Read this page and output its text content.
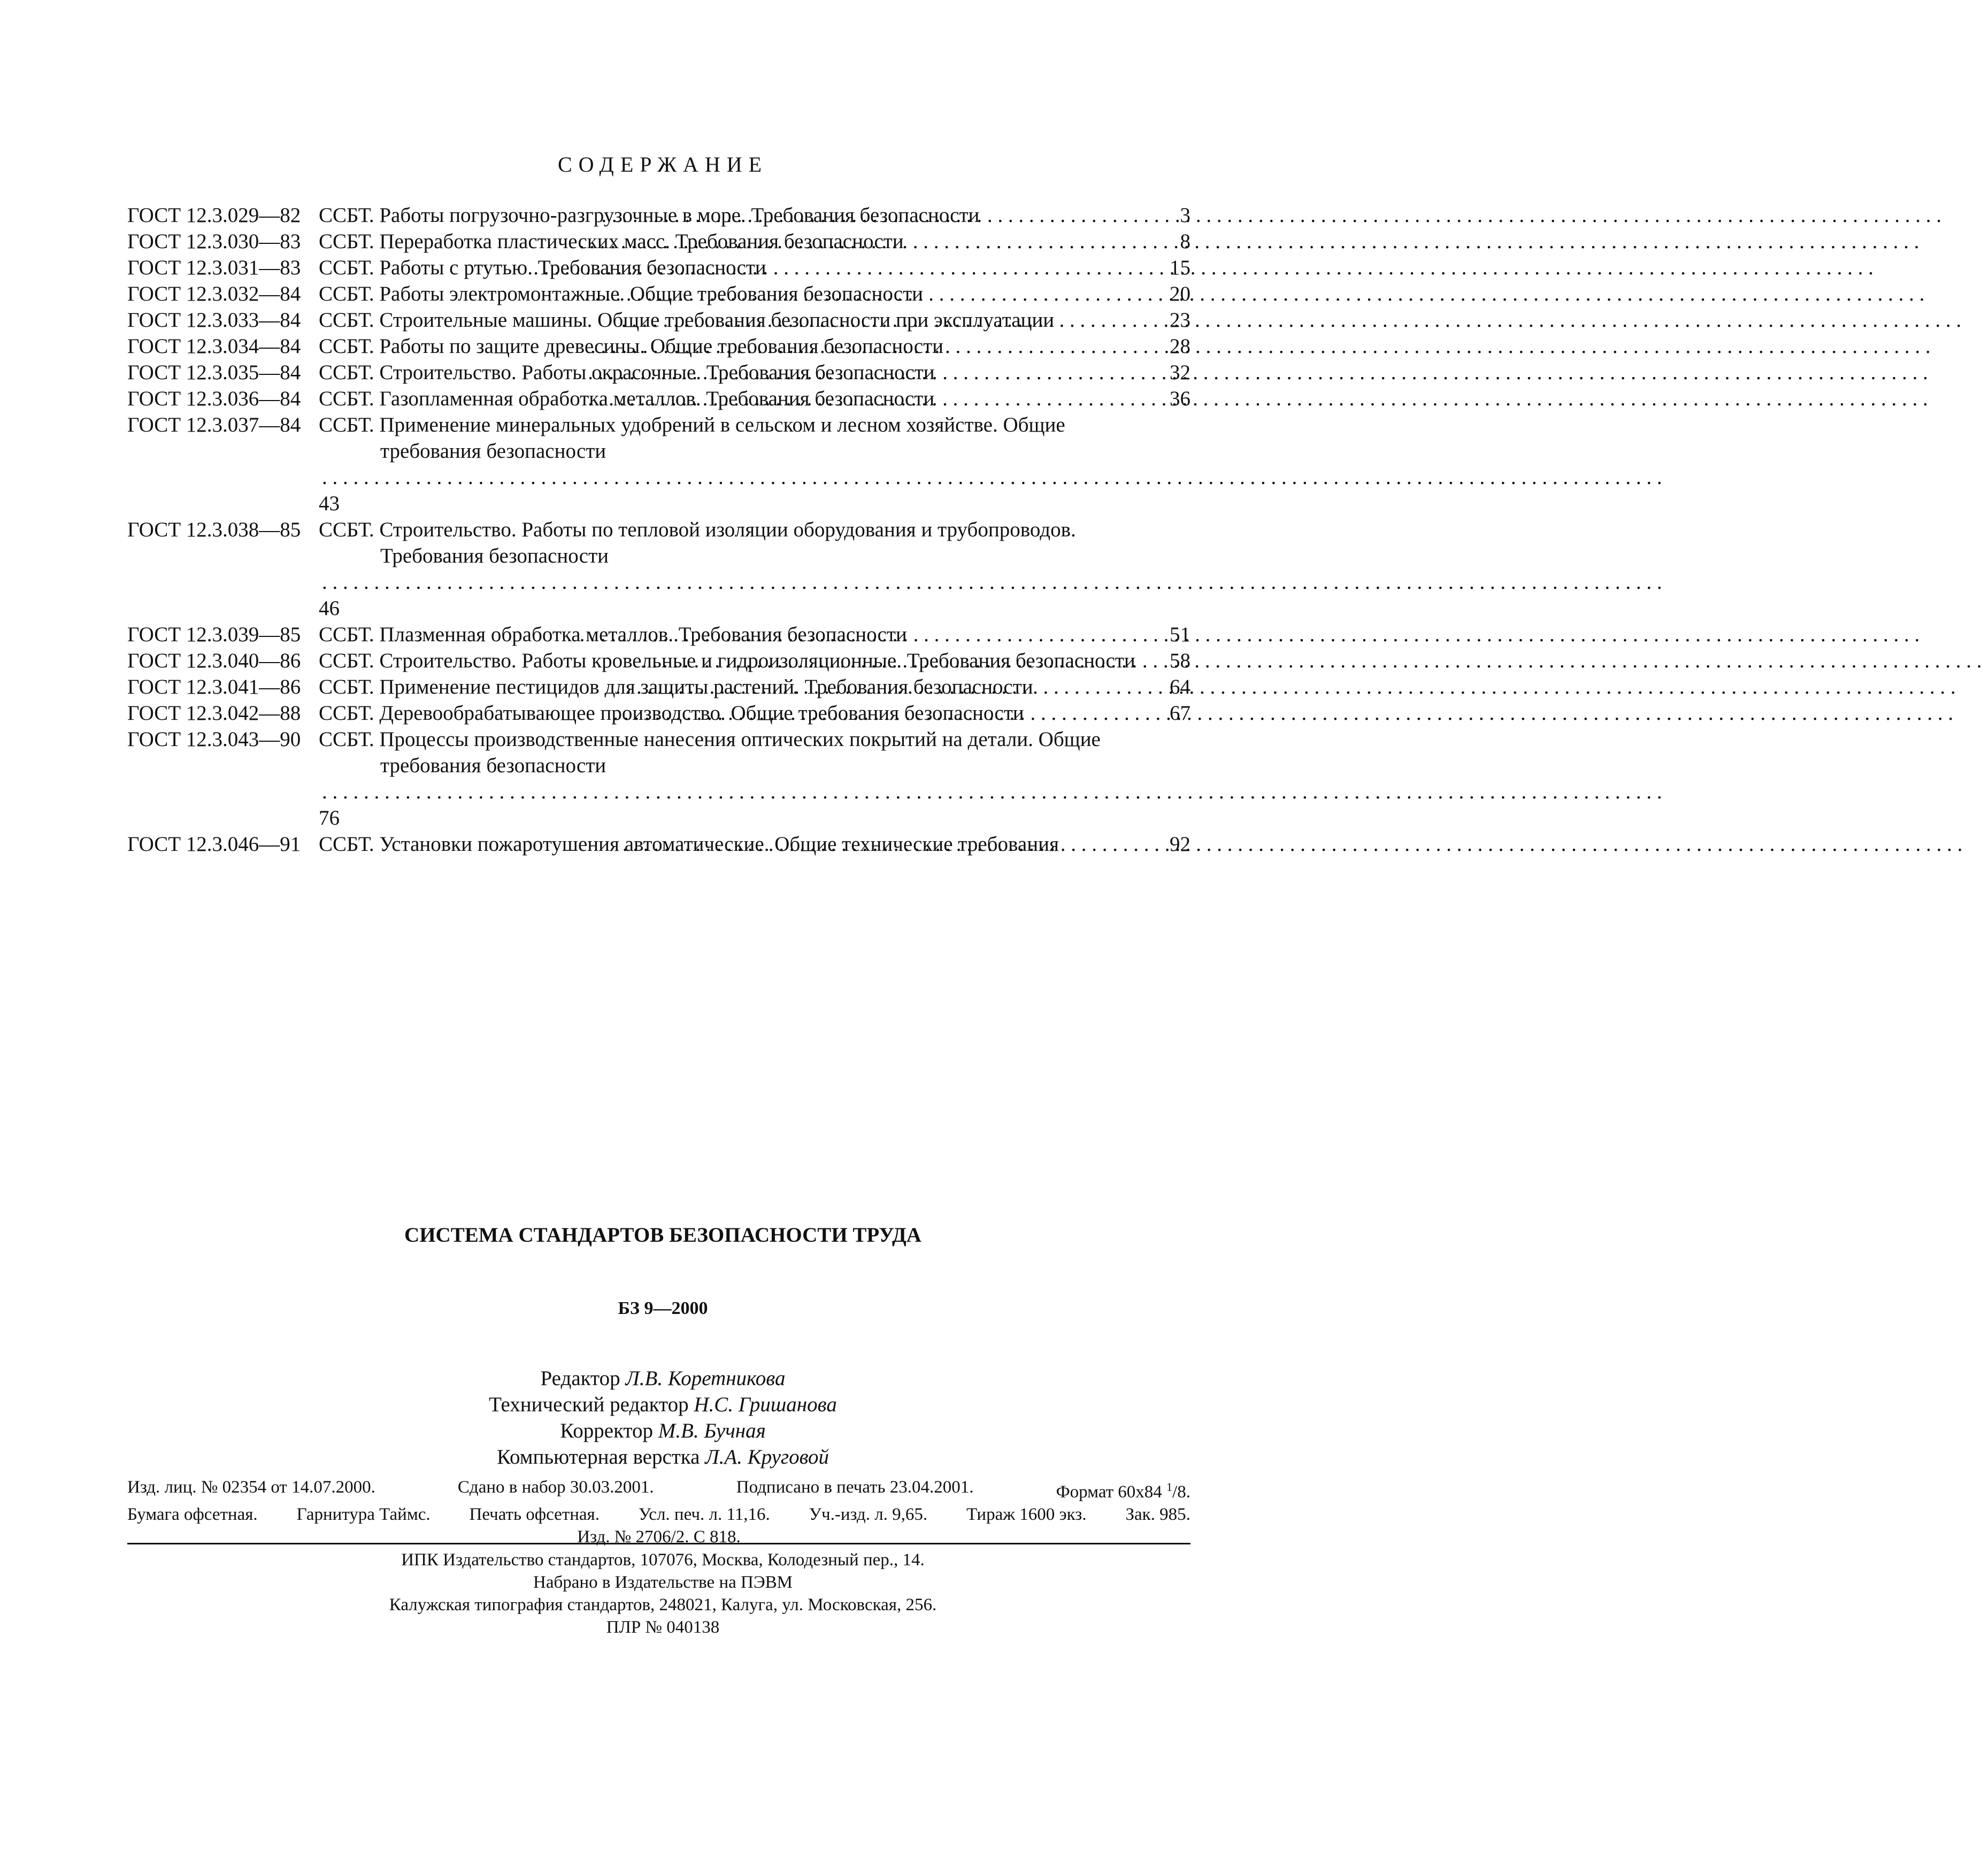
СОДЕРЖАНИЕ
ГОСТ 12.3.029—82 ССБТ. Работы погрузочно-разгрузочные в море. Требования безопасности . . .	3
ГОСТ 12.3.030—83 ССБТ. Переработка пластических масс. Требования безопасности . . .	8
ГОСТ 12.3.031—83 ССБТ. Работы с ртутью. Требования безопасности . . .	15
ГОСТ 12.3.032—84 ССБТ. Работы электромонтажные. Общие требования безопасности . . .	20
ГОСТ 12.3.033—84 ССБТ. Строительные машины. Общие требования безопасности при эксплуатации . . .	23
ГОСТ 12.3.034—84 ССБТ. Работы по защите древесины. Общие требования безопасности . . .	28
ГОСТ 12.3.035—84 ССБТ. Строительство. Работы окрасочные. Требования безопасности . . .	32
ГОСТ 12.3.036—84 ССБТ. Газопламенная обработка металлов. Требования безопасности . . .	36
ГОСТ 12.3.037—84 ССБТ. Применение минеральных удобрений в сельском и лесном хозяйстве. Общие
требования безопасности
. . .
43
ГОСТ 12.3.038—85 ССБТ. Строительство. Работы по тепловой изоляции оборудования и трубопроводов.
Требования безопасности
. . .
46
ГОСТ 12.3.039—85 ССБТ. Плазменная обработка металлов. Требования безопасности . . .	51
ГОСТ 12.3.040—86 ССБТ. Строительство. Работы кровельные и гидроизоляционные. Требования безопасности . . . 58
ГОСТ 12.3.041—86 ССБТ. Применение пестицидов для защиты растений. Требования безопасности . . .	64
ГОСТ 12.3.042—88 ССБТ. Деревообрабатывающее производство. Общие требования безопасности . . .	67
ГОСТ 12.3.043—90 ССБТ. Процессы производственные нанесения оптических покрытий на детали. Общие
требования безопасности
. . .
76
ГОСТ 12.3.046—91 ССБТ. Установки пожаротушения автоматические. Общие технические требования . . .	92
СИСТЕМА СТАНДАРТОВ БЕЗОПАСНОСТИ ТРУДА
БЗ 9—2000
Редактор Л.В. Коретникова
Технический редактор Н.С. Гришанова
Корректор М.В. Бучная
Компьютерная верстка Л.А. Круговой
Изд. лиц. № 02354 от 14.07.2000.	Сдано в набор 30.03.2001.	Подписано в печать 23.04.2001.	Формат 60х84 $^1$/8.
Бумага офсетная. Гарнитура Таймс. Печать офсетная. Усл. печ. л. 11,16. Уч.-изд. л. 9,65. Тираж 1600 экз. Зак. 985.
Изд. № 2706/2. С 818.
ИПК Издательство стандартов, 107076, Москва, Колодезный пер., 14.
Набрано в Издательстве на ПЭВМ
Калужская типография стандартов, 248021, Калуга, ул. Московская, 256.
ПЛР № 040138
